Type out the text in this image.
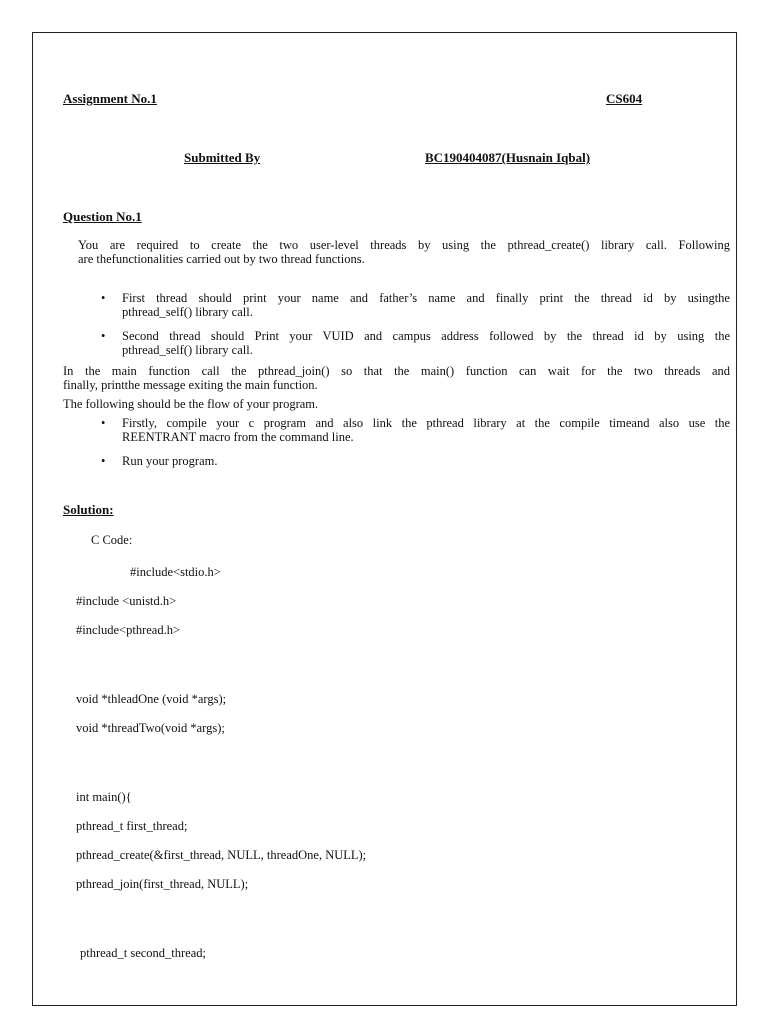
Assignment No.1	CS604
Submitted By	BC190404087(Husnain Iqbal)
Question No.1
You are required to create the two user-level threads by using the pthread_create() library call. Following
are thefunctionalities carried out by two thread functions.
• First thread should print your name and father’s name and finally print the thread id by usingthe
pthread_self() library call.
• Second thread should Print your VUID and campus address followed by the thread id by using the
pthread_self() library call.
In the main function call the pthread_join() so that the main() function can wait for the two threads and
finally, printthe message exiting the main function.
The following should be the flow of your program.
• Firstly, compile your c program and also link the pthread library at the compile timeand also use the
REENTRANT macro from the command line.
• Run your program.
Solution:
C Code:
#include<stdio.h>
#include <unistd.h>
#include<pthread.h>
void *thleadOne (void *args);
void *threadTwo(void *args);
int main(){
pthread_t first_thread;
pthread_create(&first_thread, NULL, threadOne, NULL);
pthread_join(first_thread, NULL);
pthread_t second_thread;
